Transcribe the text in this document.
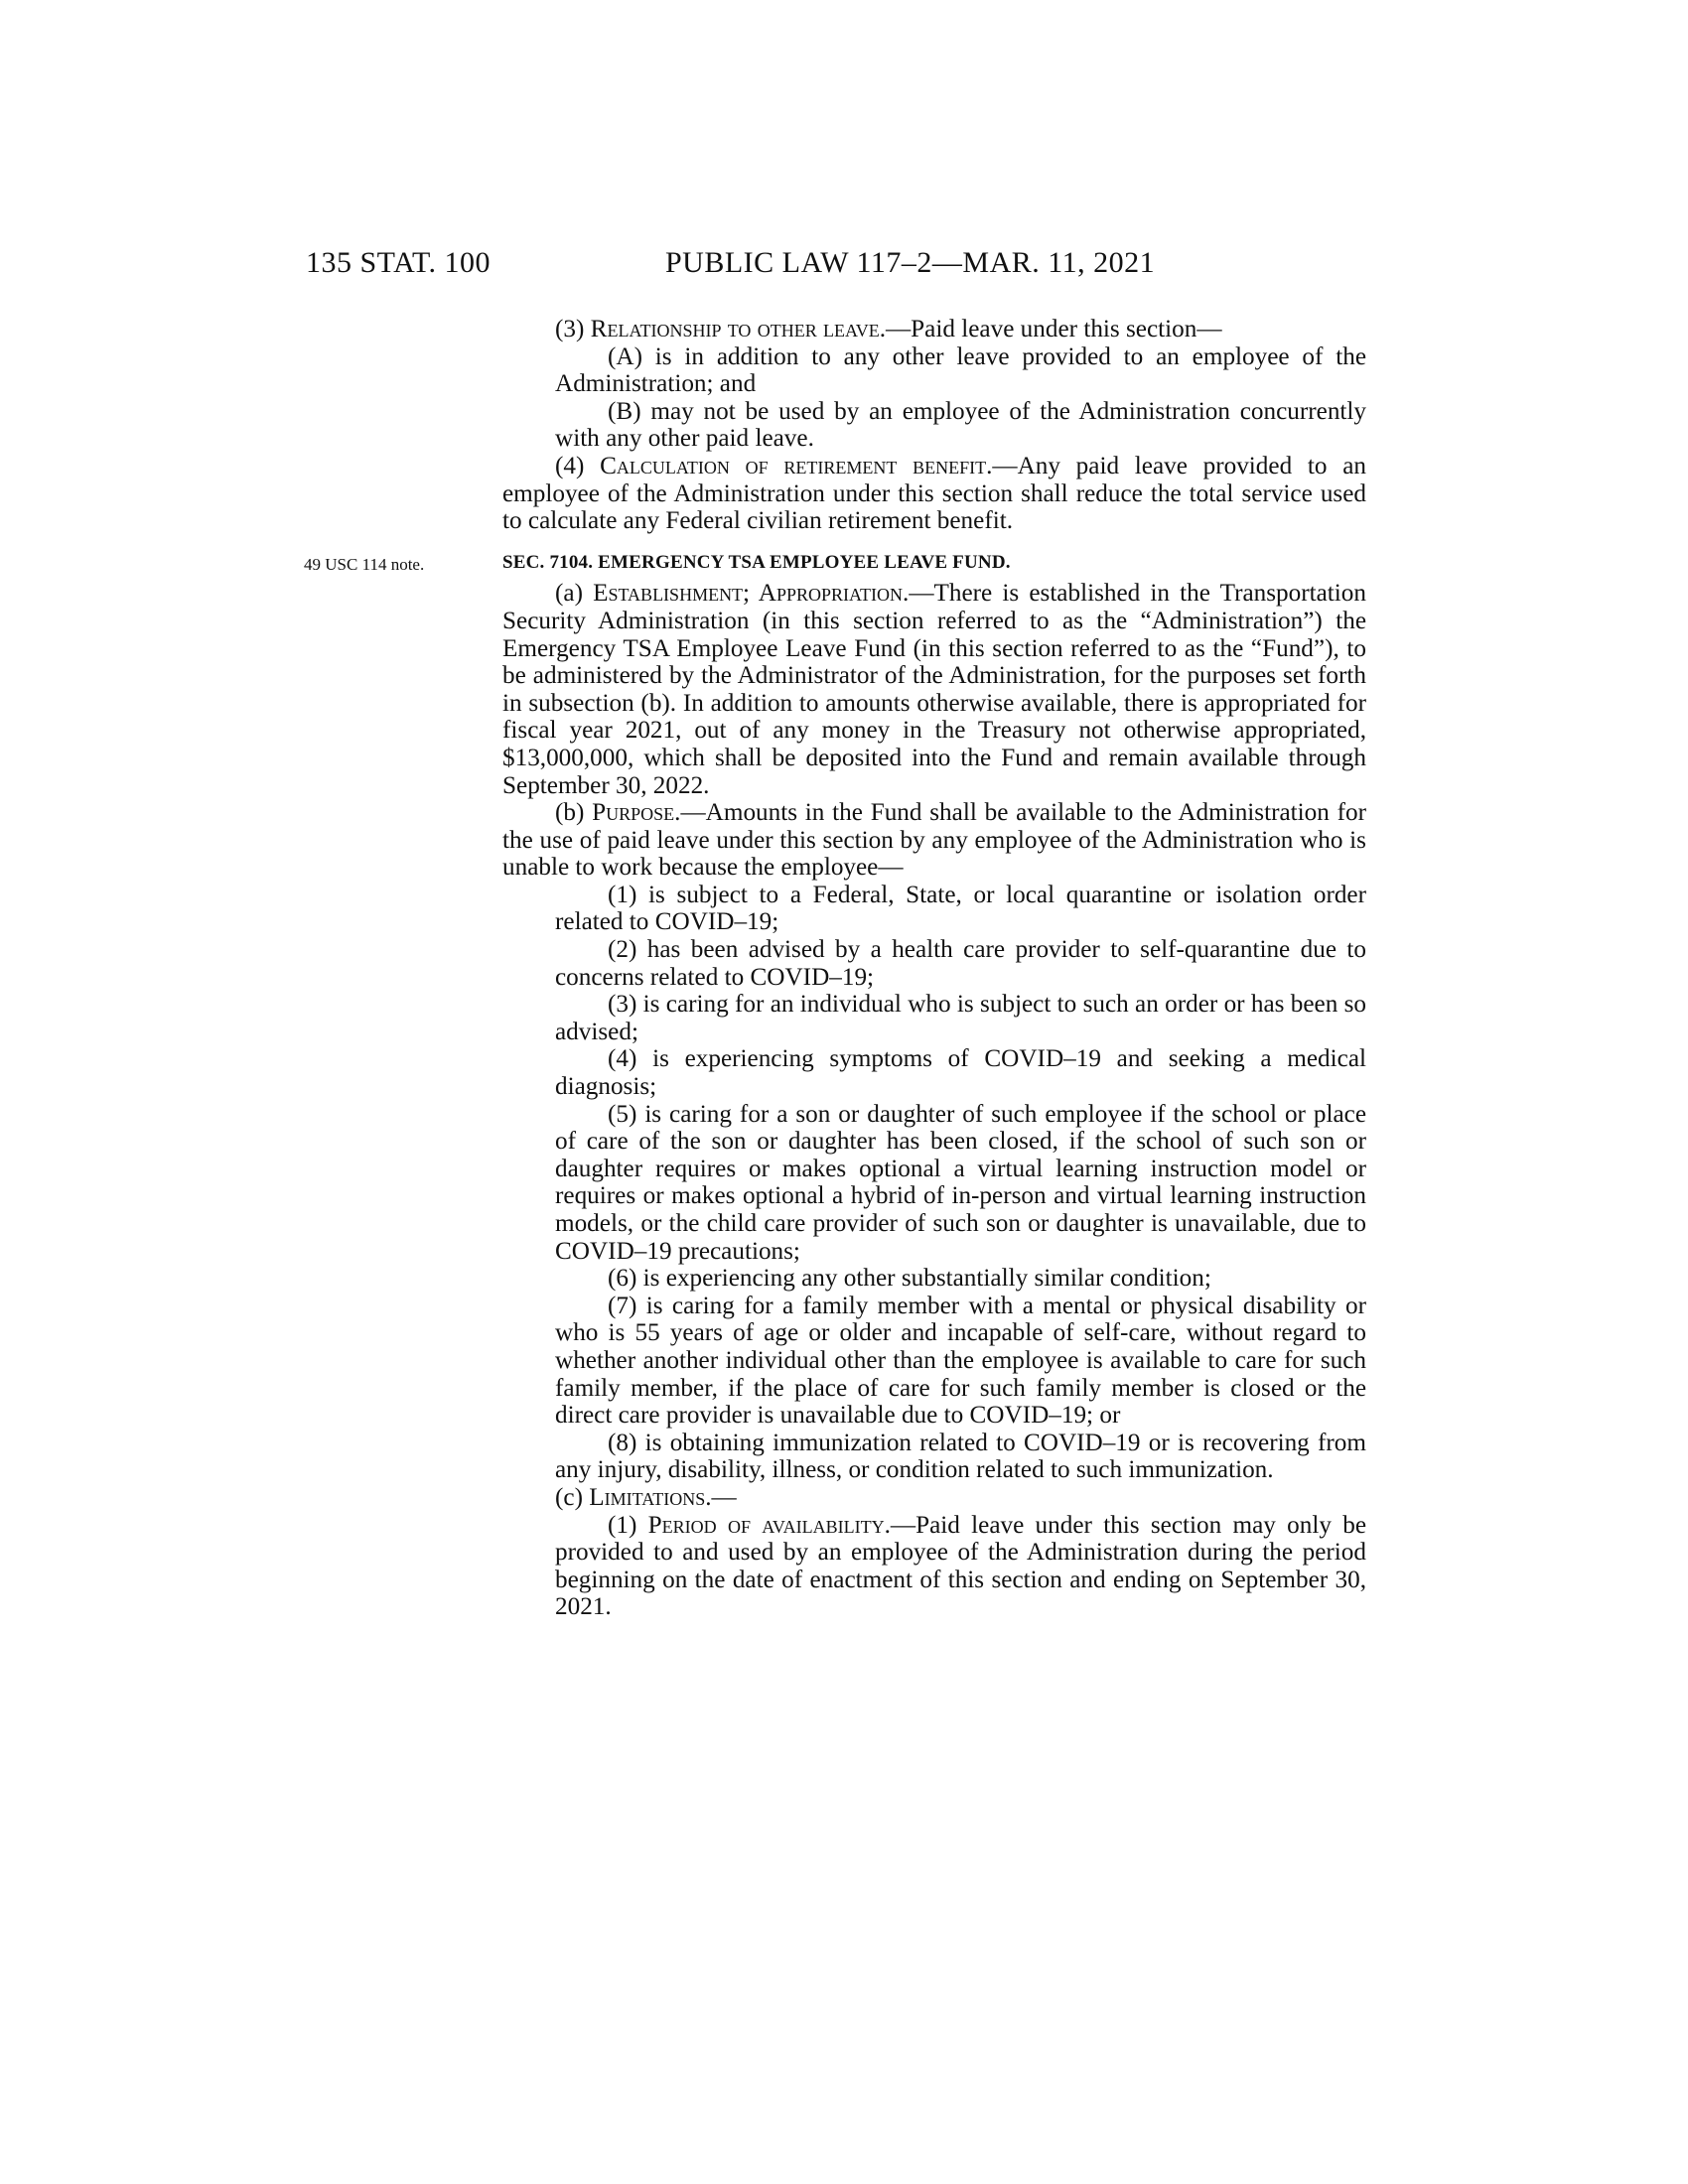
135 STAT. 100	PUBLIC LAW 117–2—MAR. 11, 2021

(3) Relationship to other leave.—Paid leave under this section—

(A) is in addition to any other leave provided to an employee of the Administration; and

(B) may not be used by an employee of the Administration concurrently with any other paid leave.

(4) Calculation of retirement benefit.—Any paid leave provided to an employee of the Administration under this section shall reduce the total service used to calculate any Federal civilian retirement benefit.

49 USC 114 note.	SEC. 7104. EMERGENCY TSA EMPLOYEE LEAVE FUND.

(a) Establishment; Appropriation.—There is established in the Transportation Security Administration (in this section referred to as the “Administration”) the Emergency TSA Employee Leave Fund (in this section referred to as the “Fund”), to be administered by the Administrator of the Administration, for the purposes set forth in subsection (b). In addition to amounts otherwise available, there is appropriated for fiscal year 2021, out of any money in the Treasury not otherwise appropriated, $13,000,000, which shall be deposited into the Fund and remain available through September 30, 2022.

(b) Purpose.—Amounts in the Fund shall be available to the Administration for the use of paid leave under this section by any employee of the Administration who is unable to work because the employee—

(1) is subject to a Federal, State, or local quarantine or isolation order related to COVID–19;

(2) has been advised by a health care provider to self-quarantine due to concerns related to COVID–19;

(3) is caring for an individual who is subject to such an order or has been so advised;

(4) is experiencing symptoms of COVID–19 and seeking a medical diagnosis;

(5) is caring for a son or daughter of such employee if the school or place of care of the son or daughter has been closed, if the school of such son or daughter requires or makes optional a virtual learning instruction model or requires or makes optional a hybrid of in-person and virtual learning instruction models, or the child care provider of such son or daughter is unavailable, due to COVID–19 precautions;

(6) is experiencing any other substantially similar condition;

(7) is caring for a family member with a mental or physical disability or who is 55 years of age or older and incapable of self-care, without regard to whether another individual other than the employee is available to care for such family member, if the place of care for such family member is closed or the direct care provider is unavailable due to COVID–19; or

(8) is obtaining immunization related to COVID–19 or is recovering from any injury, disability, illness, or condition related to such immunization.

(c) Limitations.—

(1) Period of availability.—Paid leave under this section may only be provided to and used by an employee of the Administration during the period beginning on the date of enactment of this section and ending on September 30, 2021.
